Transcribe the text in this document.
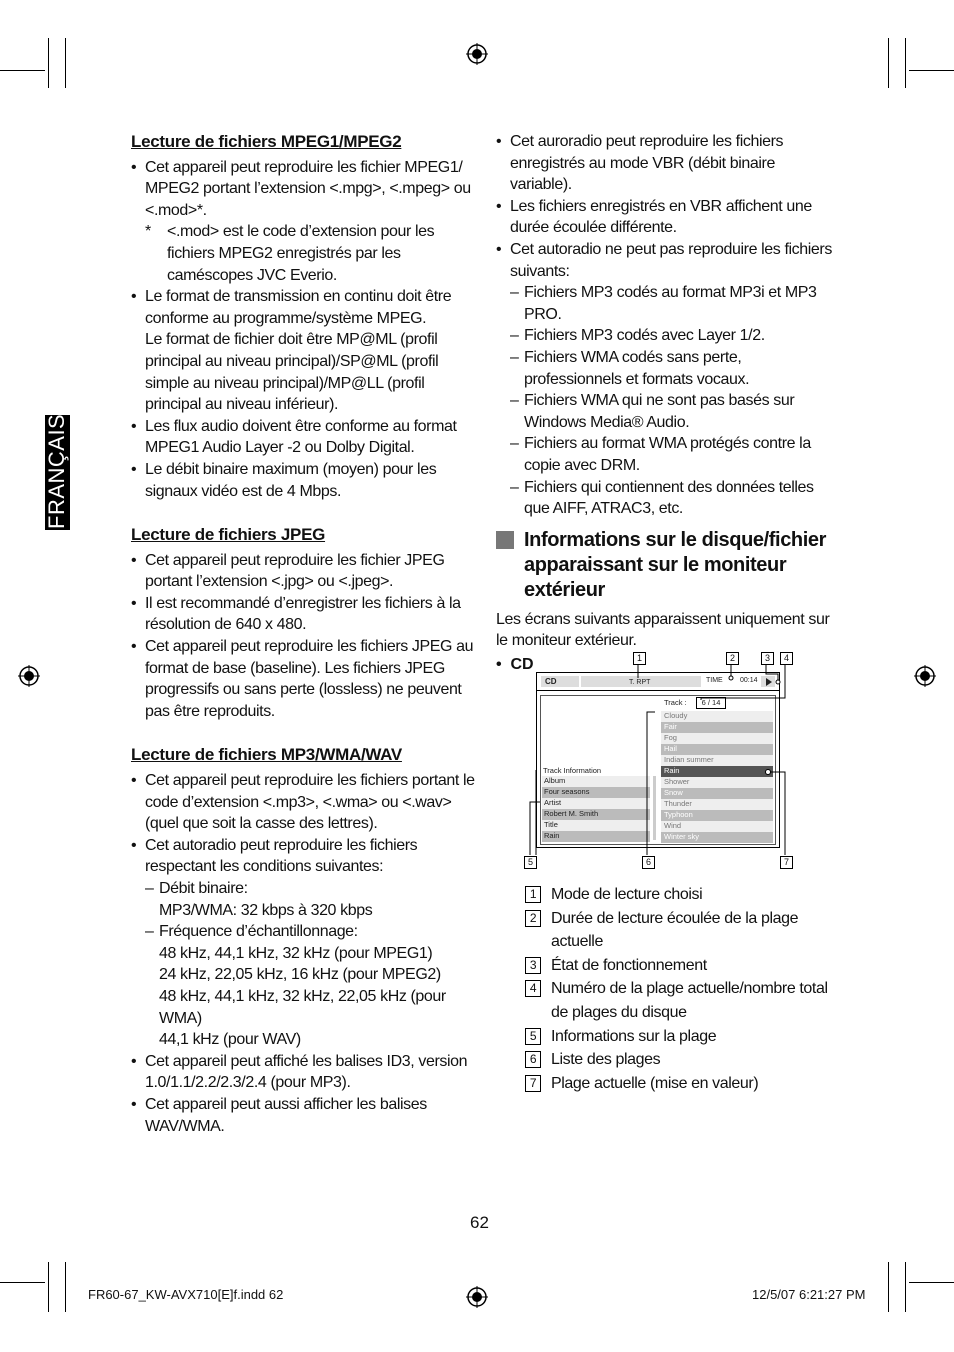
FRANÇAIS
Lecture de fichiers MPEG1/MPEG2
• Cet appareil peut reproduire les fichier MPEG1/ MPEG2 portant l’extension <.mpg>, <.mpeg> ou <.mod>*.
* <.mod> est le code d’extension pour les fichiers MPEG2 enregistrés par les caméscopes JVC Everio.
• Le format de transmission en continu doit être conforme au programme/système MPEG.
Le format de fichier doit être MP@ML (profil principal au niveau principal)/SP@ML (profil simple au niveau principal)/MP@LL (profil principal au niveau inférieur).
• Les flux audio doivent être conforme au format MPEG1 Audio Layer -2 ou Dolby Digital.
• Le débit binaire maximum (moyen) pour les signaux vidéo est de 4 Mbps.
Lecture de fichiers JPEG
• Cet appareil peut reproduire les fichier JPEG portant l’extension <.jpg> ou <.jpeg>.
• Il est recommandé d’enregistrer les fichiers à la résolution de 640 x 480.
• Cet appareil peut reproduire les fichiers JPEG au format de base (baseline). Les fichiers JPEG progressifs ou sans perte (lossless) ne peuvent pas être reproduits.
Lecture de fichiers MP3/WMA/WAV
• Cet appareil peut reproduire les fichiers portant le code d’extension <.mp3>, <.wma> ou <.wav> (quel que soit la casse des lettres).
• Cet autoradio peut reproduire les fichiers respectant les conditions suivantes:
– Débit binaire:
MP3/WMA: 32 kbps à 320 kbps
– Fréquence d’échantillonnage:
48 kHz, 44,1 kHz, 32 kHz (pour MPEG1)
24 kHz, 22,05 kHz, 16 kHz (pour MPEG2)
48 kHz, 44,1 kHz, 32 kHz, 22,05 kHz (pour WMA)
44,1 kHz (pour WAV)
• Cet appareil peut affiché les balises ID3, version 1.0/1.1/2.2/2.3/2.4 (pour MP3).
• Cet appareil peut aussi afficher les balises WAV/WMA.
• Cet auroradio peut reproduire les fichiers enregistrés au mode VBR (débit binaire variable).
• Les fichiers enregistrés en VBR affichent une durée écoulée différente.
• Cet autoradio ne peut pas reproduire les fichiers suivants:
– Fichiers MP3 codés au format MP3i et MP3 PRO.
– Fichiers MP3 codés avec Layer 1/2.
– Fichiers WMA codés sans perte, professionnels et formats vocaux.
– Fichiers WMA qui ne sont pas basés sur Windows Media® Audio.
– Fichiers au format WMA protégés contre la copie avec DRM.
– Fichiers qui contiennent des données telles que AIFF, ATRAC3, etc.
Informations sur le disque/fichier apparaissant sur le moniteur extérieur
Les écrans suivants apparaissent uniquement sur le moniteur extérieur.
•  CD	1	2	3	4
5	6	7
CD	T. RPT	TIME 00:14
Track :	6 / 14
Track Information
Album
Four seasons
Artist
Robert M. Smith
Title
Rain
Cloudy
Fair
Fog
Hail
Indian summer
Rain
Shower
Snow
Thunder
Typhoon
Wind
Winter sky
1 Mode de lecture choisi
2 Durée de lecture écoulée de la plage actuelle
3 État de fonctionnement
4 Numéro de la plage actuelle/nombre total de plages du disque
5 Informations sur la plage
6 Liste des plages
7 Plage actuelle (mise en valeur)
62
FR60-67_KW-AVX710[E]f.indd 62	12/5/07 6:21:27 PM
